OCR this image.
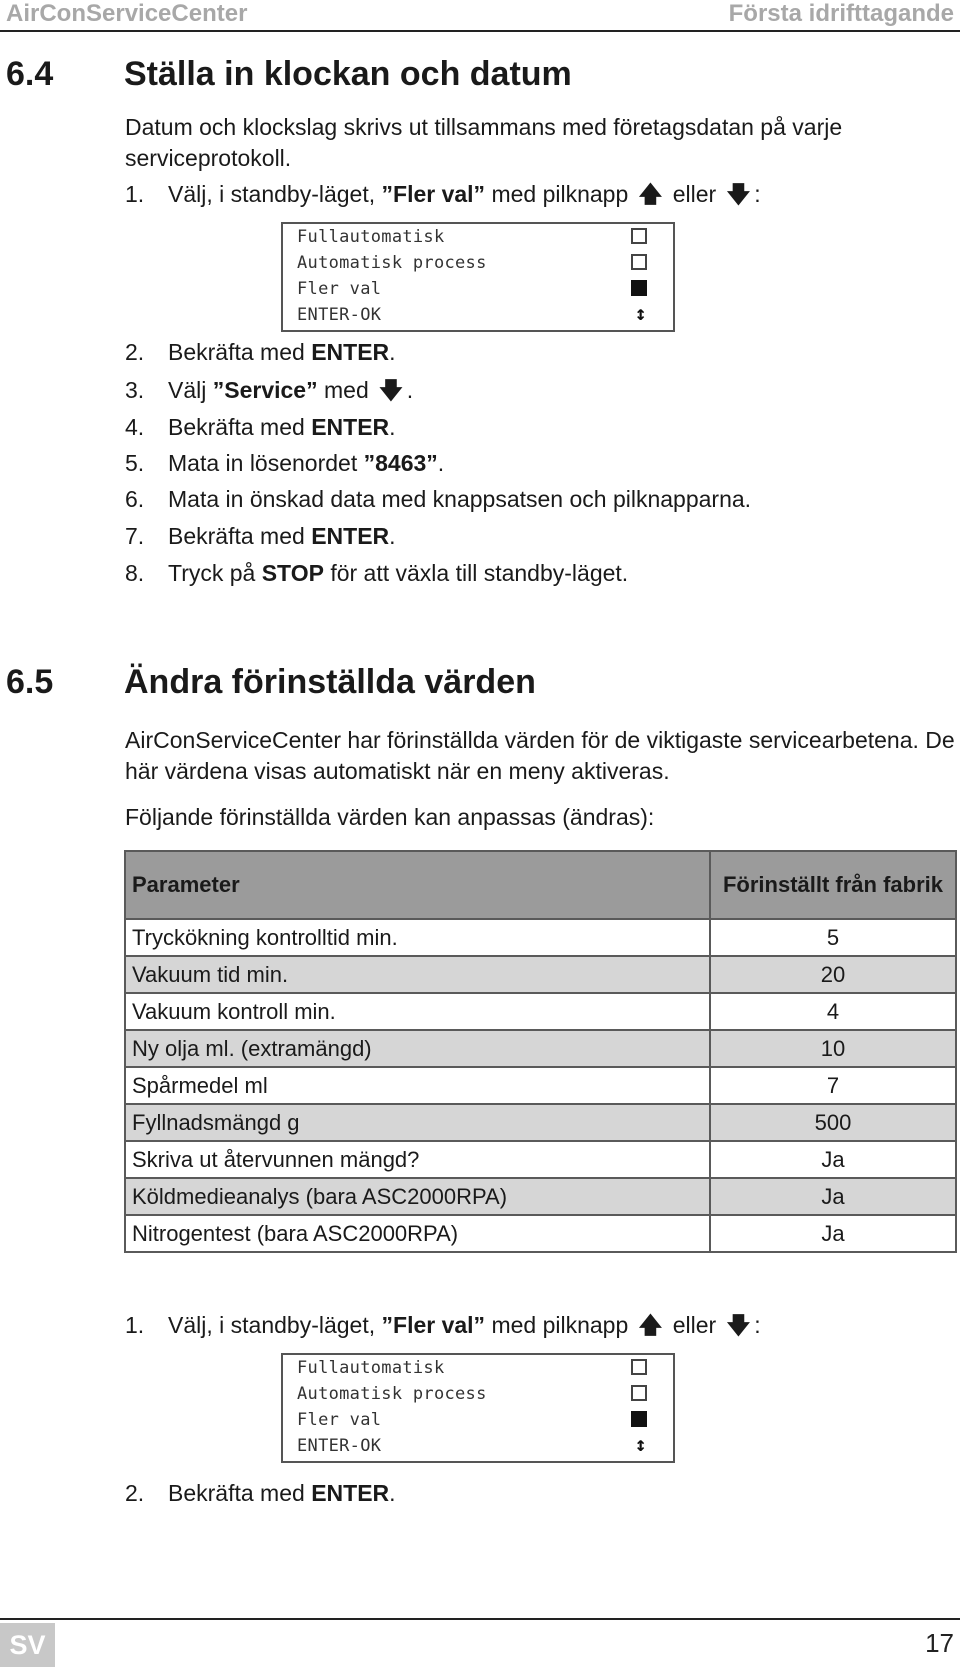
AirConServiceCenter	Första idrifttagande
6.4 Ställa in klockan och datum
Datum och klockslag skrivs ut tillsammans med företagsdatan på varje serviceprotokoll.
1. Välj, i standby-läget, ”Fler val” med pilknapp 🡅 eller 🡇 :
Fullautomatisk
Automatisk process
Fler val
ENTER-OK	↕
2. Bekräfta med ENTER.
3. Välj ”Service” med 🡇 .
4. Bekräfta med ENTER.
5. Mata in lösenordet ”8463”.
6. Mata in önskad data med knappsatsen och pilknapparna.
7. Bekräfta med ENTER.
8. Tryck på STOP för att växla till standby-läget.
6.5 Ändra förinställda värden
AirConServiceCenter har förinställda värden för de viktigaste servicearbetena. De här värdena visas automatiskt när en meny aktiveras.
Följande förinställda värden kan anpassas (ändras):
Parameter	Förinställt från fabrik
Tryckökning kontrolltid min.	5
Vakuum tid min.	20
Vakuum kontroll min.	4
Ny olja ml. (extramängd)	10
Spårmedel ml	7
Fyllnadsmängd g	500
Skriva ut återvunnen mängd?	Ja
Köldmedieanalys (bara ASC2000RPA)	Ja
Nitrogentest (bara ASC2000RPA)	Ja
1. Välj, i standby-läget, ”Fler val” med pilknapp 🡅 eller 🡇 :
Fullautomatisk
Automatisk process
Fler val
ENTER-OK	↕
2. Bekräfta med ENTER.
SV	17
